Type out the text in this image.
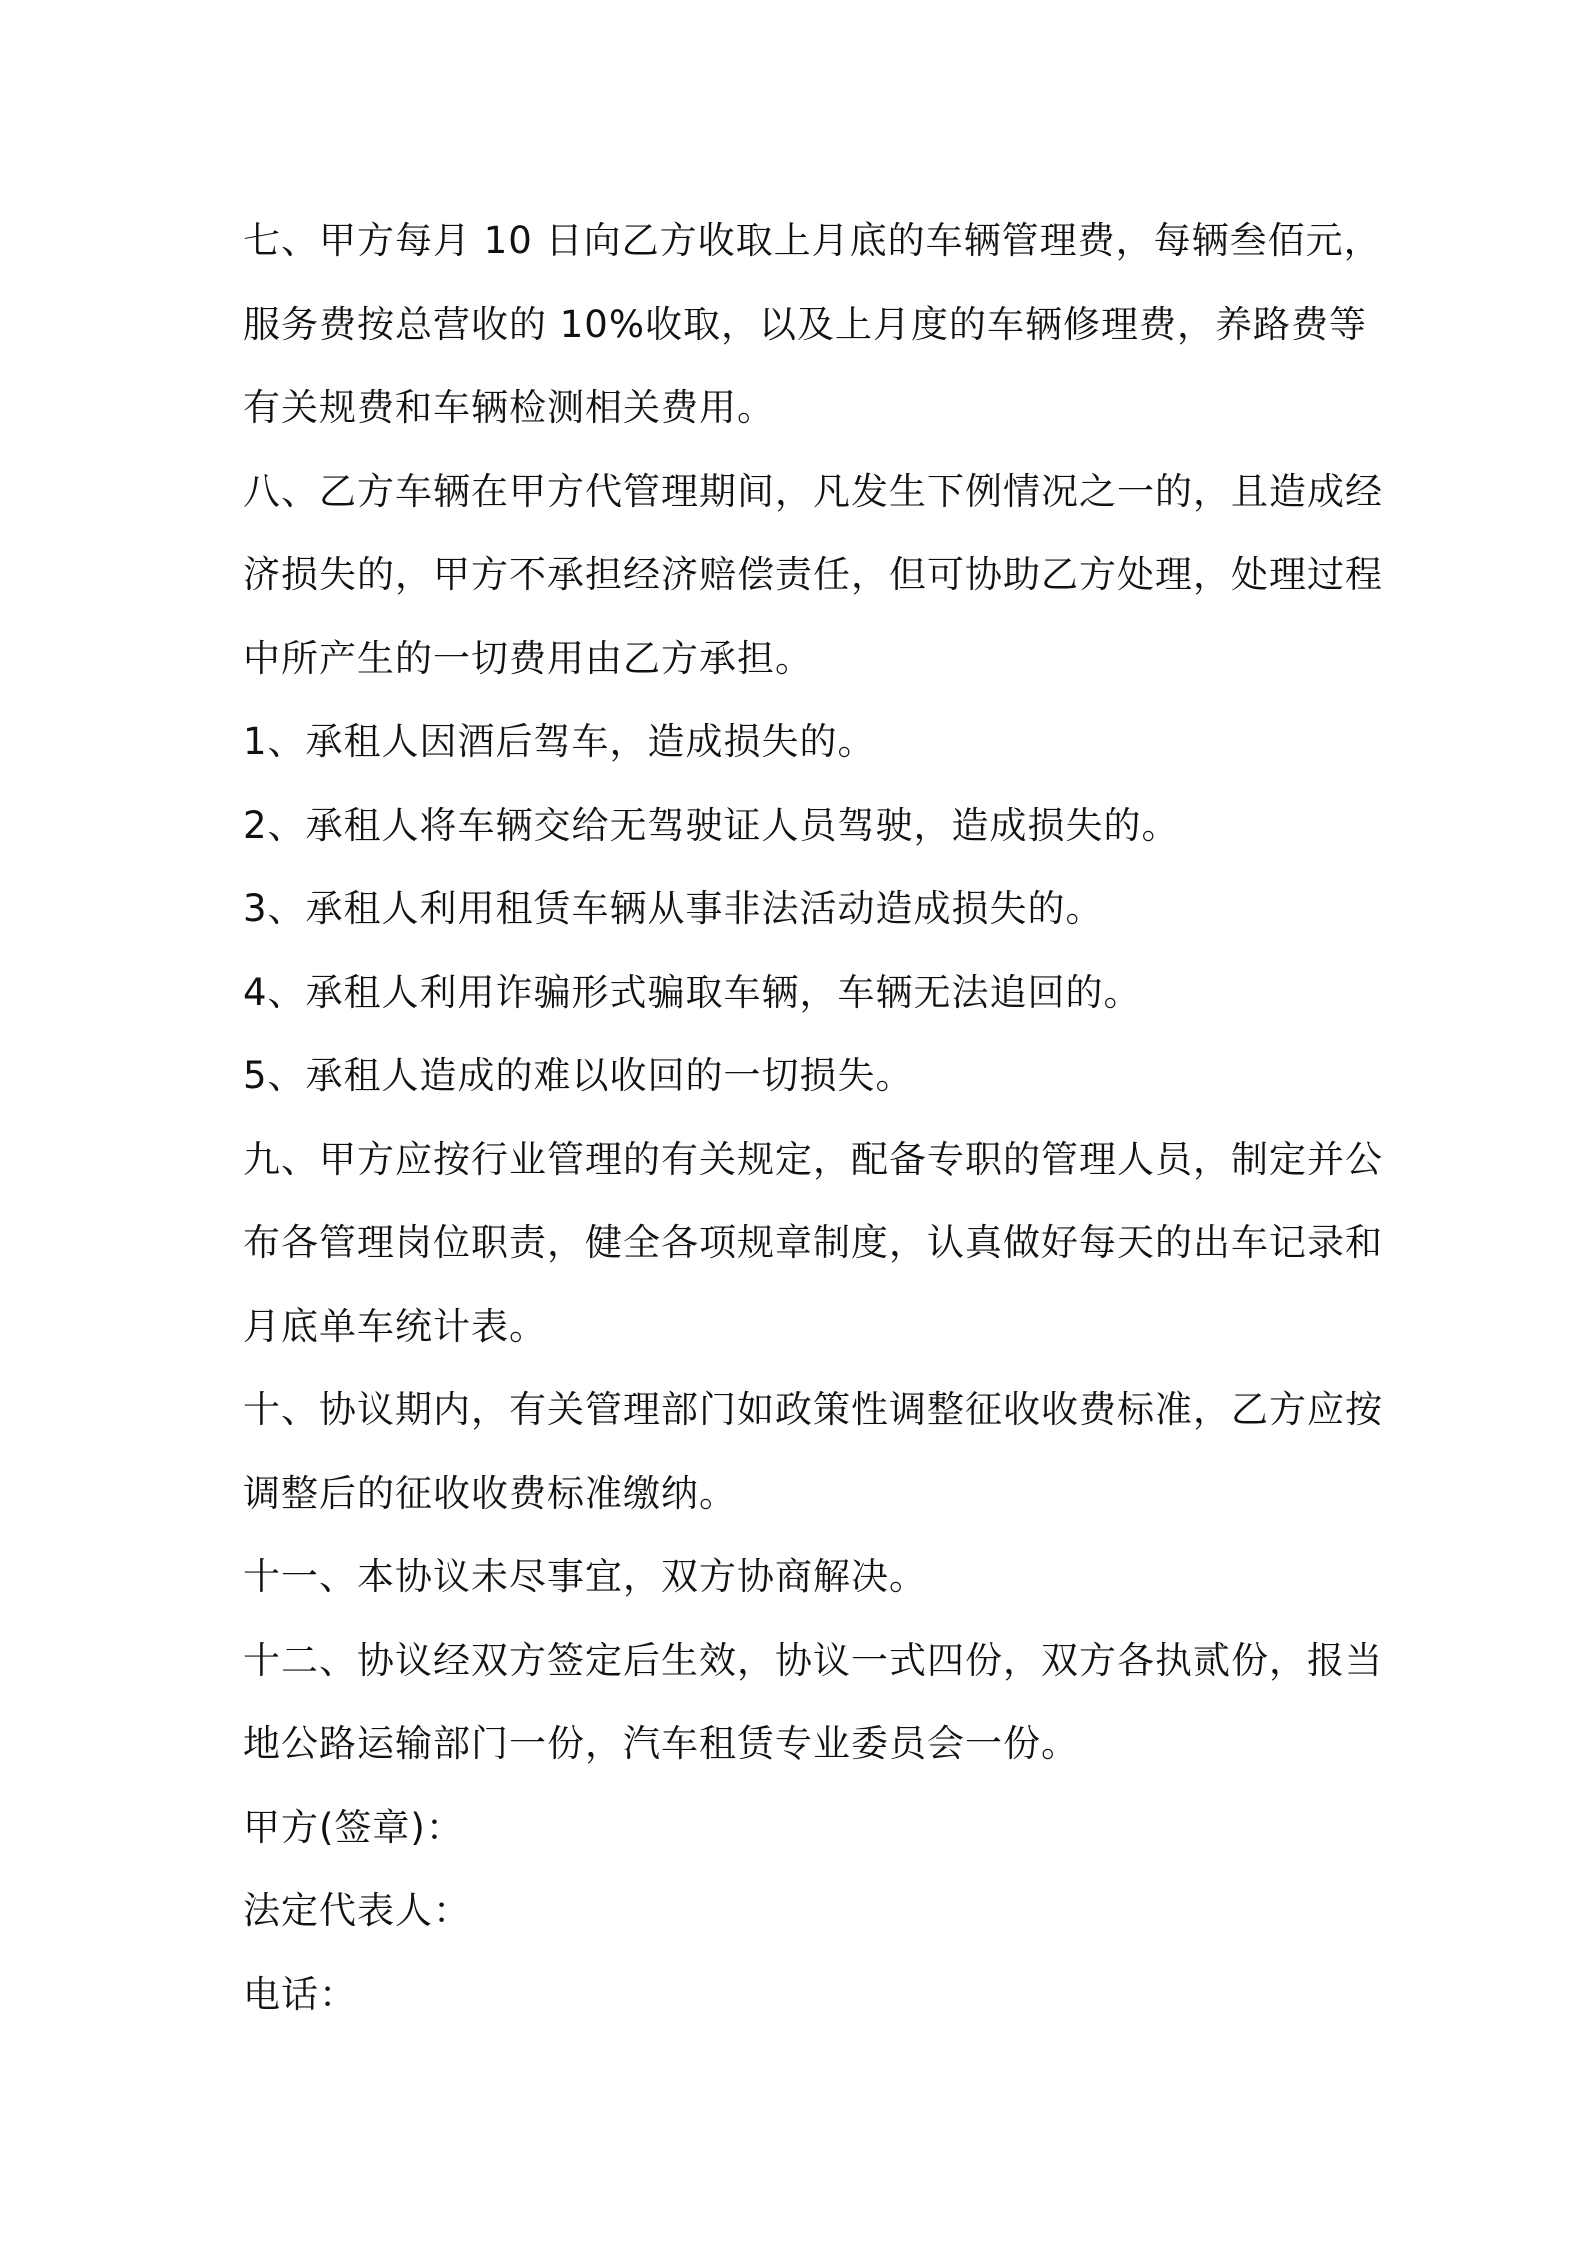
七、甲方每月 10 日向乙方收取上月底的车辆管理费，每辆叁佰元，
服务费按总营收的 10%收取，以及上月度的车辆修理费，养路费等
有关规费和车辆检测相关费用。
八、乙方车辆在甲方代管理期间，凡发生下例情况之一的，且造成经
济损失的，甲方不承担经济赔偿责任，但可协助乙方处理，处理过程
中所产生的一切费用由乙方承担。
1、承租人因酒后驾车，造成损失的。
2、承租人将车辆交给无驾驶证人员驾驶，造成损失的。
3、承租人利用租赁车辆从事非法活动造成损失的。
4、承租人利用诈骗形式骗取车辆，车辆无法追回的。
5、承租人造成的难以收回的一切损失。
九、甲方应按行业管理的有关规定，配备专职的管理人员，制定并公
布各管理岗位职责，健全各项规章制度，认真做好每天的出车记录和
月底单车统计表。
十、协议期内，有关管理部门如政策性调整征收收费标准，乙方应按
调整后的征收收费标准缴纳。
十一、本协议未尽事宜，双方协商解决。
十二、协议经双方签定后生效，协议一式四份，双方各执贰份，报当
地公路运输部门一份，汽车租赁专业委员会一份。
甲方(签章)：
法定代表人：
电话：
